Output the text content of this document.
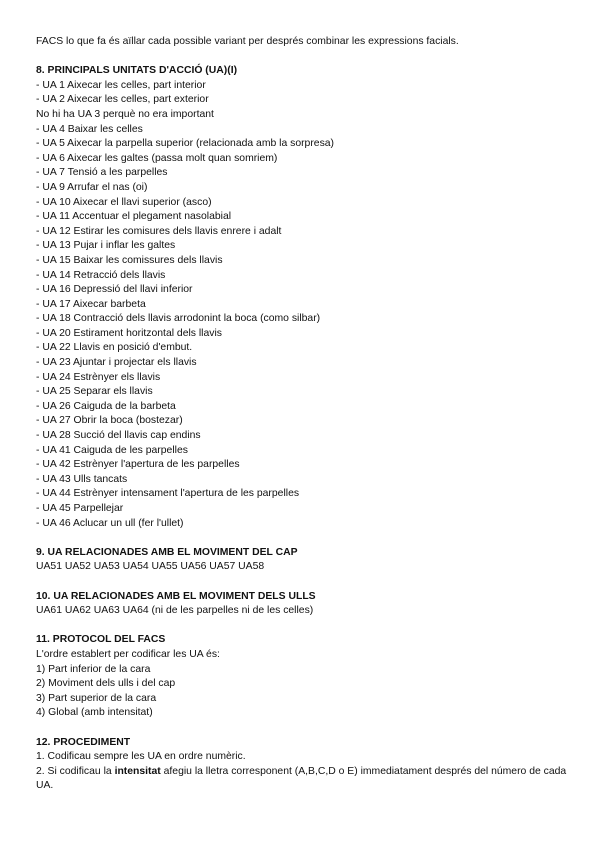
FACS lo que fa és aïllar cada possible variant per després combinar les expressions facials.
8. PRINCIPALS UNITATS D'ACCIÓ (UA)(I)
- UA 1 Aixecar les celles, part interior
- UA 2 Aixecar les celles, part exterior
No hi ha UA 3 perquè no era important
- UA 4 Baixar les celles
- UA 5 Aixecar la parpella superior (relacionada amb la sorpresa)
- UA 6 Aixecar les galtes (passa molt quan somriem)
- UA 7 Tensió a les parpelles
- UA 9 Arrufar el nas (oi)
- UA 10 Aixecar el llavi superior (asco)
- UA 11 Accentuar el plegament nasolabial
- UA 12 Estirar les comisures dels llavis enrere i adalt
- UA 13 Pujar i inflar les galtes
- UA 15 Baixar les comissures dels llavis
- UA 14 Retracció dels llavis
- UA 16 Depressió del llavi inferior
- UA 17 Aixecar barbeta
- UA 18 Contracció dels llavis arrodonint la boca (como silbar)
- UA 20 Estirament horitzontal dels llavis
- UA 22 Llavis en posició d'embut.
- UA 23 Ajuntar i projectar els llavis
- UA 24 Estrènyer els llavis
- UA 25 Separar els llavis
- UA 26 Caiguda de la barbeta
- UA 27 Obrir la boca (bostezar)
- UA 28 Succió del llavis cap endins
- UA 41 Caiguda de les parpelles
- UA 42 Estrènyer l'apertura de les parpelles
- UA 43 Ulls tancats
- UA 44 Estrènyer intensament l'apertura de les parpelles
- UA 45 Parpellejar
- UA 46 Aclucar un ull (fer l'ullet)
9. UA RELACIONADES AMB EL MOVIMENT DEL CAP
UA51 UA52 UA53 UA54 UA55 UA56 UA57 UA58
10. UA RELACIONADES AMB EL MOVIMENT DELS ULLS
UA61 UA62 UA63 UA64 (ni de les parpelles ni de les celles)
11. PROTOCOL DEL FACS
L'ordre establert per codificar les UA és:
1) Part inferior de la cara
2) Moviment dels ulls i del cap
3) Part superior de la cara
4) Global (amb intensitat)
12. PROCEDIMENT
1. Codificau sempre les UA en ordre numèric.
2. Si codificau la intensitat afegiu la lletra corresponent (A,B,C,D o E) immediatament després del número de cada UA.
